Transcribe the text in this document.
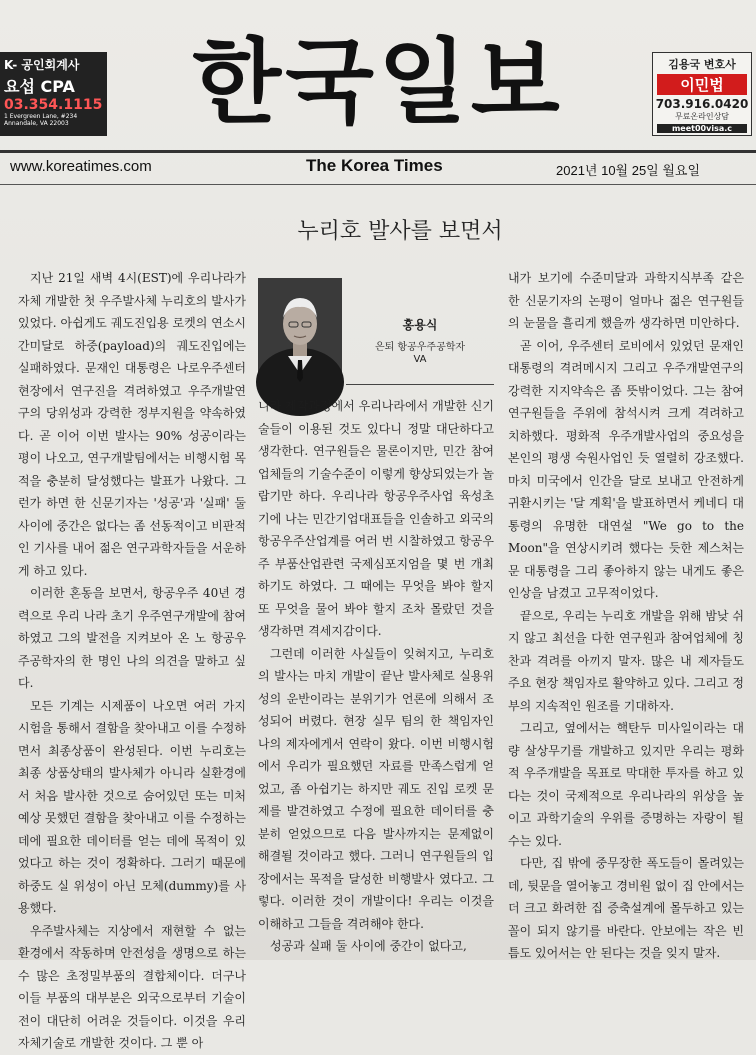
K- 공인회계사
요섭 CPA
03.354.1115
1 Evergreen Lane, #234
Annandale, VA 22003	한국일보	김용국 변호사
이민법
703.916.0420
무료온라인상담
meet00visa.c
www.koreatimes.com	The Korea Times	2021년 10월 25일 월요일
누리호 발사를 보면서
홍용식
은퇴 항공우주공학자
VA

지난 21일 새벽 4시(EST)에 우리나라가 자체 개발한 첫 우주발사체 누리호의 발사가 있었다. 아쉽게도 궤도진입용 로켓의 연소시간미달로 하중(payload)의 궤도진입에는 실패하였다. 문재인 대통령은 나로우주센터 현장에서 연구진을 격려하였고 우주개발연구의 당위성과 강력한 정부지원을 약속하였다. 곧 이어 이번 발사는 90% 성공이라는 평이 나오고, 연구개발팀에서는 비행시험 목적을 충분히 달성했다는 발표가 나왔다. 그런가 하면 한 신문기자는 '성공'과 '실패' 둘 사이에 중간은 없다는 좀 선동적이고 비판적인 기사를 내어 젊은 연구과학자들을 서운하게 하고 있다.

이러한 혼동을 보면서, 항공우주 40년 경력으로 우리 나라 초기 우주연구개발에 참여하였고 그의 발전을 지켜보아 온 노 항공우주공학자의 한 명인 나의 의견을 말하고 싶다.

모든 기계는 시제품이 나오면 여러 가지 시험을 통해서 결함을 찾아내고 이를 수정하면서 최종상품이 완성된다. 이번 누리호는 최종 상품상태의 발사체가 아니라 실환경에서 처음 발사한 것으로 숨어있던 또는 미처 예상 못했던 결함을 찾아내고 이를 수정하는 데에 필요한 데이터를 얻는 데에 목적이 있었다고 하는 것이 정확하다. 그러기 때문에 하중도 실 위성이 아닌 모체(dummy)를 사용했다.

우주발사체는 지상에서 재현할 수 없는 환경에서 작동하며 안전성을 생명으로 하는 수 많은 초정밀부품의 결합체이다. 더구나 이들 부품의 대부분은 외국으로부터 기술이전이 대단히 어려운 것들이다. 이것을 우리 자체기술로 개발한 것이다. 그 뿐 아

니라 제작과정에서 우리나라에서 개발한 신기술들이 이용된 것도 있다니 정말 대단하다고 생각한다. 연구원들은 물론이지만, 민간 참여 업체들의 기술수준이 이렇게 향상되었는가 놀랍기만 하다. 우리나라 항공우주사업 육성초기에 나는 민간기업대표들을 인솔하고 외국의 항공우주산업계를 여러 번 시찰하였고 항공우주 부품산업관련 국제심포지엄을 몇 번 개최하기도 하였다. 그 때에는 무엇을 봐야 할지 또 무엇을 물어 봐야 할지 조차 몰랐던 것을 생각하면 격세지감이다.

그런데 이러한 사실들이 잊혀지고, 누리호의 발사는 마치 개발이 끝난 발사체로 실용위성의 운반이라는 분위기가 언론에 의해서 조성되어 버렸다. 현장 실무 팀의 한 책임자인 나의 제자에게서 연락이 왔다. 이번 비행시험에서 우리가 필요했던 자료를 만족스럽게 얻었고, 좀 아쉽기는 하지만 궤도 진입 로켓 문제를 발견하였고 수정에 필요한 데이터를 충분히 얻었으므로 다음 발사까지는 문제없이 해결될 것이라고 했다. 그러니 연구원들의 입장에서는 목적을 달성한 비행발사 였다고. 그렇다. 이러한 것이 개발이다! 우리는 이것을 이해하고 그들을 격려해야 한다.

성공과 실패 둘 사이에 중간이 없다고,

내가 보기에 수준미달과 과학지식부족 같은 한 신문기자의 논평이 얼마나 젊은 연구원들의 눈물을 흘리게 했을까 생각하면 미안하다.

곧 이어, 우주센터 로비에서 있었던 문재인 대통령의 격려메시지 그리고 우주개발연구의 강력한 지지약속은 좀 뜻밖이었다. 그는 참여연구원들을 주위에 참석시켜 크게 격려하고 치하했다. 평화적 우주개발사업의 중요성을 본인의 평생 숙원사업인 듯 열렬히 강조했다. 마치 미국에서 인간을 달로 보내고 안전하게 귀환시키는 '달 계획'을 발표하면서 케네디 대통령의 유명한 대연설 "We go to the Moon"을 연상시키려 했다는 듯한 제스처는 문 대통령을 그리 좋아하지 않는 내게도 좋은 인상을 남겼고 고무적이었다.

끝으로, 우리는 누리호 개발을 위해 밤낮 쉬지 않고 최선을 다한 연구원과 참여업체에 칭찬과 격려를 아끼지 말자. 많은 내 제자들도 주요 현장 책임자로 활약하고 있다. 그리고 정부의 지속적인 원조를 기대하자.

그리고, 옆에서는 핵탄두 미사일이라는 대량 살상무기를 개발하고 있지만 우리는 평화적 우주개발을 목표로 막대한 투자를 하고 있다는 것이 국제적으로 우리나라의 위상을 높이고 과학기술의 우위를 증명하는 자랑이 될 수는 있다.

다만, 집 밖에 중무장한 폭도들이 몰려있는데, 뒷문을 열어놓고 경비원 없이 집 안에서는 더 크고 화려한 집 증축설계에 몰두하고 있는 꼴이 되지 않기를 바란다. 안보에는 작은 빈 틈도 있어서는 안 된다는 것을 잊지 말자.
